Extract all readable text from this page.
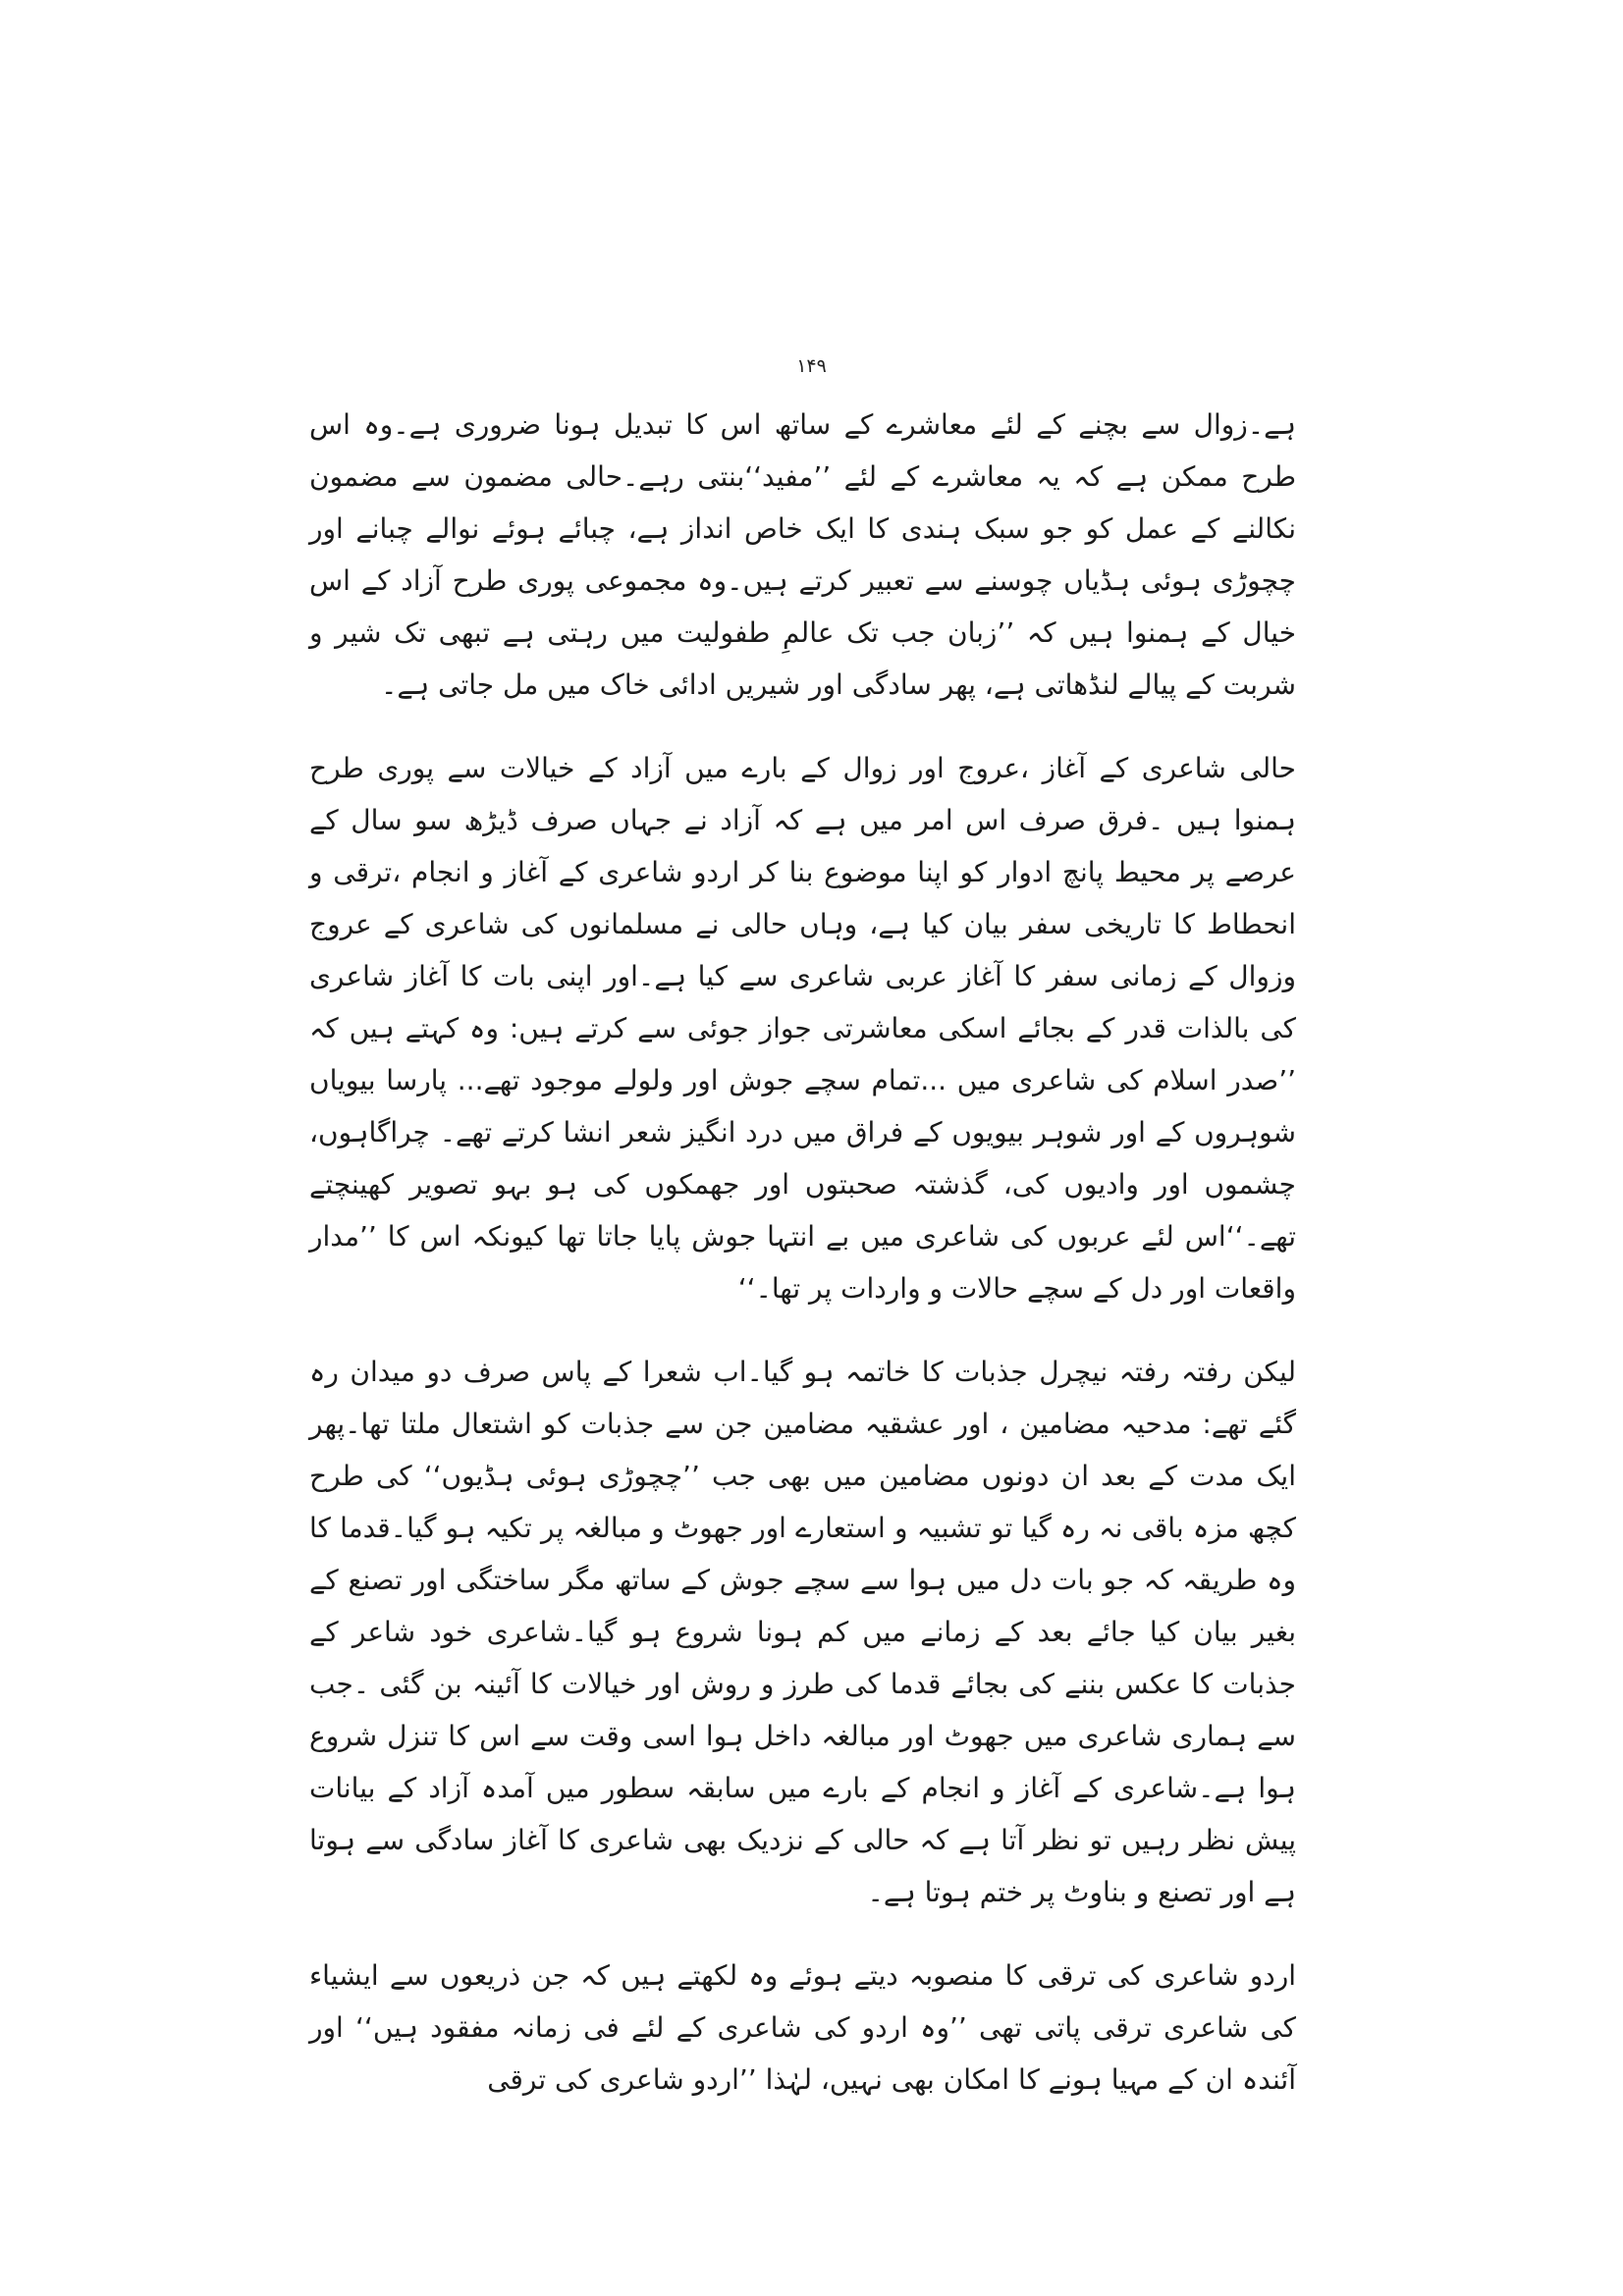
۱۴۹

ہے۔زوال سے بچنے کے لئے معاشرے کے ساتھ اس کا تبدیل ہونا ضروری ہے۔وہ اس طرح ممکن ہے کہ یہ معاشرے کے لئے ’’مفید‘‘بنتی رہے۔حالی مضمون سے مضمون نکالنے کے عمل کو جو سبک ہندی کا ایک خاص انداز ہے، چبائے ہوئے نوالے چبانے اور چچوڑی ہوئی ہڈیاں چوسنے سے تعبیر کرتے ہیں۔وہ مجموعی پوری طرح آزاد کے اس خیال کے ہمنوا ہیں کہ ’’زبان جب تک عالمِ طفولیت میں رہتی ہے تبھی تک شیر و شربت کے پیالے لنڈھاتی ہے، پھر سادگی اور شیریں ادائی خاک میں مل جاتی ہے۔

حالی شاعری کے آغاز ،عروج اور زوال کے بارے میں آزاد کے خیالات سے پوری طرح ہمنوا ہیں ۔فرق صرف اس امر میں ہے کہ آزاد نے جہاں صرف ڈیڑھ سو سال کے عرصے پر محیط پانچ ادوار کو اپنا موضوع بنا کر اردو شاعری کے آغاز و انجام ،ترقی و انحطاط کا تاریخی سفر بیان کیا ہے، وہاں حالی نے مسلمانوں کی شاعری کے عروج وزوال کے زمانی سفر کا آغاز عربی شاعری سے کیا ہے۔اور اپنی بات کا آغاز شاعری کی بالذات قدر کے بجائے اسکی معاشرتی جواز جوئی سے کرتے ہیں: وہ کہتے ہیں کہ ’’صدر اسلام کی شاعری میں ...تمام سچے جوش اور ولولے موجود تھے... پارسا بیویاں شوہروں کے اور شوہر بیویوں کے فراق میں درد انگیز شعر انشا کرتے تھے۔ چراگاہوں، چشموں اور وادیوں کی، گذشتہ صحبتوں اور جھمکوں کی ہو بہو تصویر کھینچتے تھے۔‘‘اس لئے عربوں کی شاعری میں بے انتہا جوش پایا جاتا تھا کیونکہ اس کا ’’مدار واقعات اور دل کے سچے حالات و واردات پر تھا۔‘‘

لیکن رفتہ رفتہ نیچرل جذبات کا خاتمہ ہو گیا۔اب شعرا کے پاس صرف دو میدان رہ گئے تھے: مدحیہ مضامین ، اور عشقیہ مضامین جن سے جذبات کو اشتعال ملتا تھا۔پھر ایک مدت کے بعد ان دونوں مضامین میں بھی جب ’’چچوڑی ہوئی ہڈیوں‘‘ کی طرح کچھ مزہ باقی نہ رہ گیا تو تشبیہ و استعارے اور جھوٹ و مبالغہ پر تکیہ ہو گیا۔قدما کا وہ طریقہ کہ جو بات دل میں ہوا سے سچے جوش کے ساتھ مگر ساختگی اور تصنع کے بغیر بیان کیا جائے بعد کے زمانے میں کم ہونا شروع ہو گیا۔شاعری خود شاعر کے جذبات کا عکس بننے کی بجائے قدما کی طرز و روش اور خیالات کا آئینہ بن گئی ۔جب سے ہماری شاعری میں جھوٹ اور مبالغہ داخل ہوا اسی وقت سے اس کا تنزل شروع ہوا ہے۔شاعری کے آغاز و انجام کے بارے میں سابقہ سطور میں آمدہ آزاد کے بیانات پیش نظر رہیں تو نظر آتا ہے کہ حالی کے نزدیک بھی شاعری کا آغاز سادگی سے ہوتا ہے اور تصنع و بناوٹ پر ختم ہوتا ہے۔

اردو شاعری کی ترقی کا منصوبہ دیتے ہوئے وہ لکھتے ہیں کہ جن ذریعوں سے ایشیاء کی شاعری ترقی پاتی تھی ’’وہ اردو کی شاعری کے لئے فی زمانہ مفقود ہیں‘‘ اور آئندہ ان کے مہیا ہونے کا امکان بھی نہیں، لہٰذا ’’اردو شاعری کی ترقی
